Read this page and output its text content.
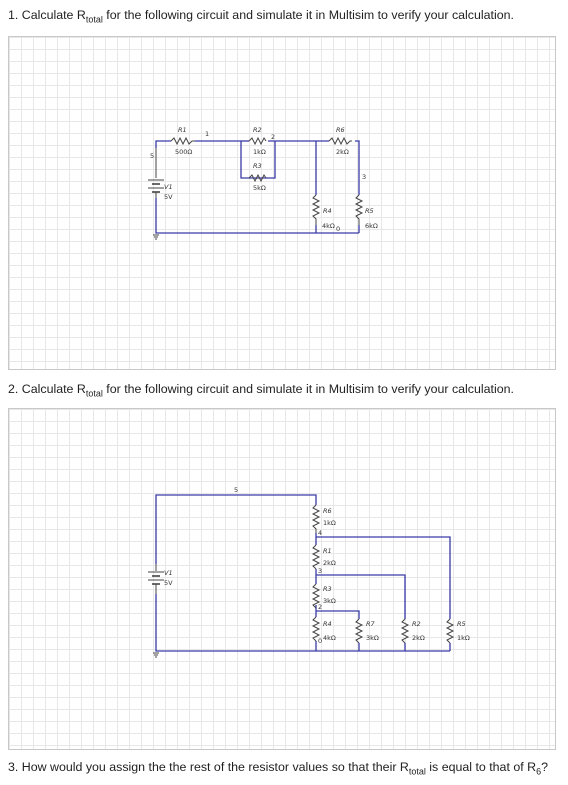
1. Calculate $R_{total}$ for the following circuit and simulate it in Multisim to verify your calculation.
R1
500Ω
R2
1kΩ
R3
5kΩ
R6
2kΩ
R4
4kΩ
R5
6kΩ
V1
5V
1	2
3
5
0
2. Calculate $R_{total}$ for the following circuit and simulate it in Multisim to verify your calculation.
R6
1kΩ
R1
2kΩ
R3
3kΩ
R4
4kΩ
R7
3kΩ
R2
2kΩ
R5
1kΩ
V1
5V
5
4
3
2
0
3. How would you assign the the rest of the resistor values so that their $R_{total}$ is equal to that of $R_6$?
